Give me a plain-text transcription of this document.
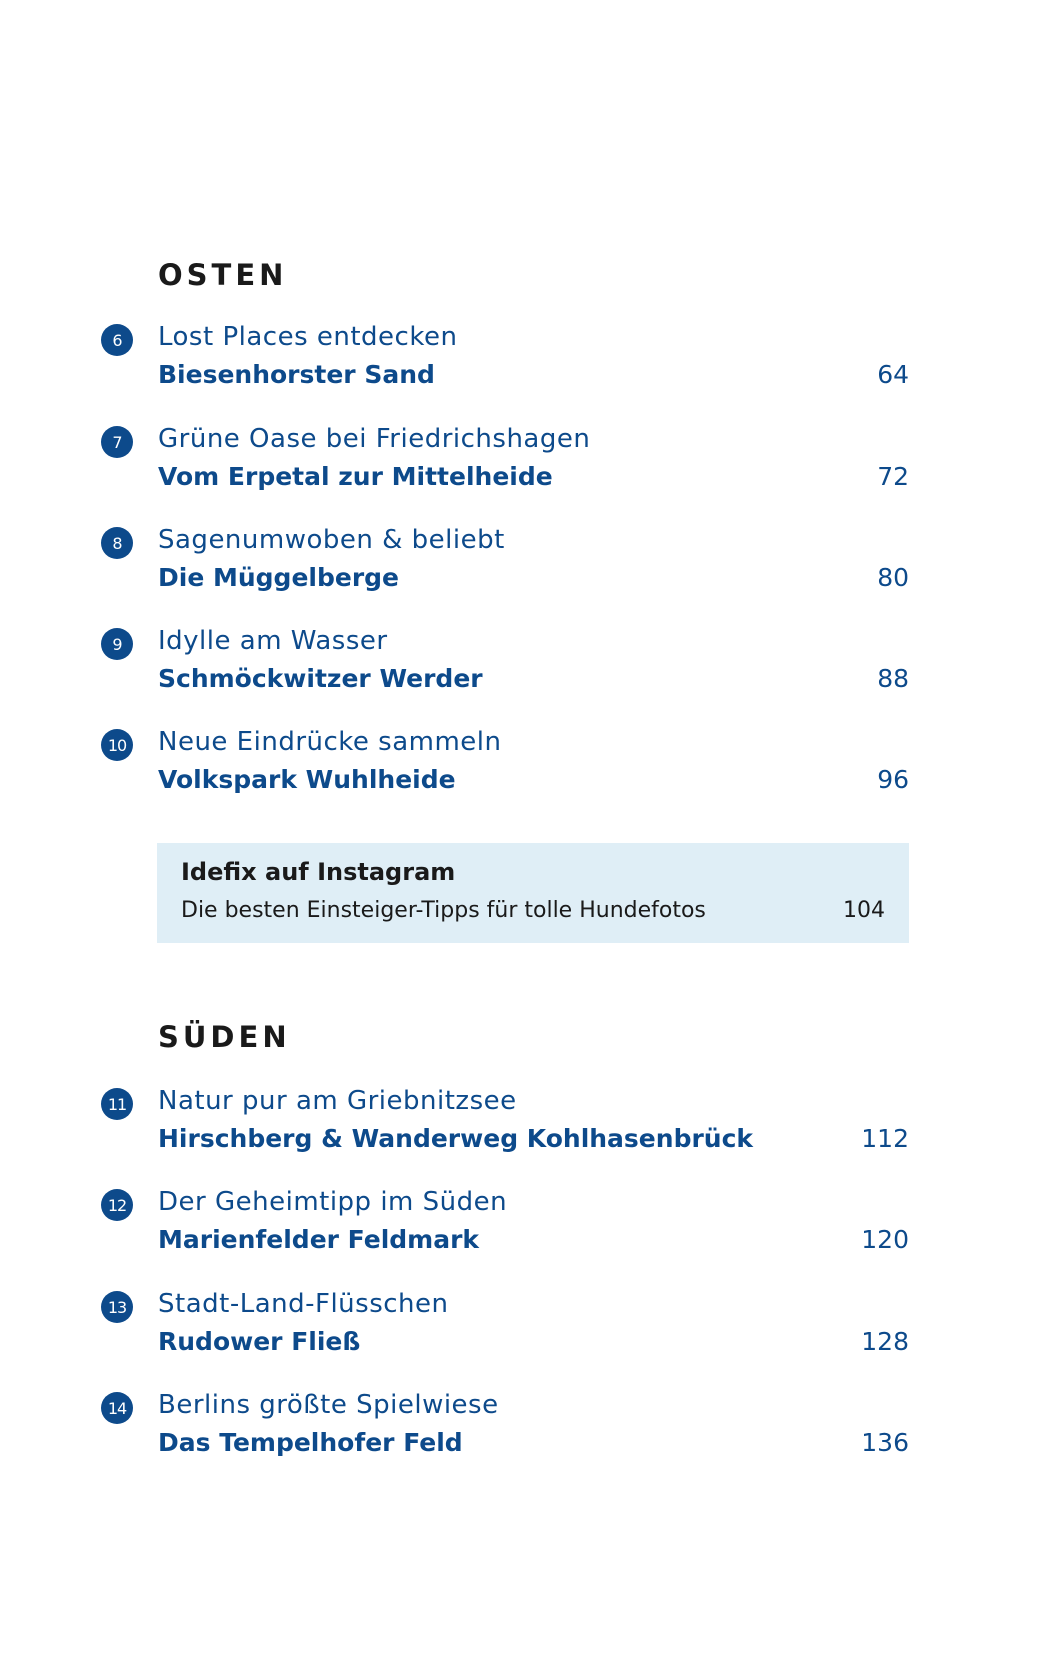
OSTEN
6	Lost Places entdecken
Biesenhorster Sand	64
7	Grüne Oase bei Friedrichshagen
Vom Erpetal zur Mittelheide	72
8	Sagenumwoben & beliebt
Die Müggelberge	80
9	Idylle am Wasser
Schmöckwitzer Werder	88
10 Neue Eindrücke sammeln
Volkspark Wuhlheide	96
Idefix auf Instagram
Die besten Einsteiger-Tipps für tolle Hundefotos	104
SÜDEN
11 Natur pur am Griebnitzsee
Hirschberg & Wanderweg Kohlhasenbrück	112
12 Der Geheimtipp im Süden
Marienfelder Feldmark	120
13 Stadt-Land-Flüsschen
Rudower Fließ	128
14 Berlins größte Spielwiese
Das Tempelhofer Feld	136
